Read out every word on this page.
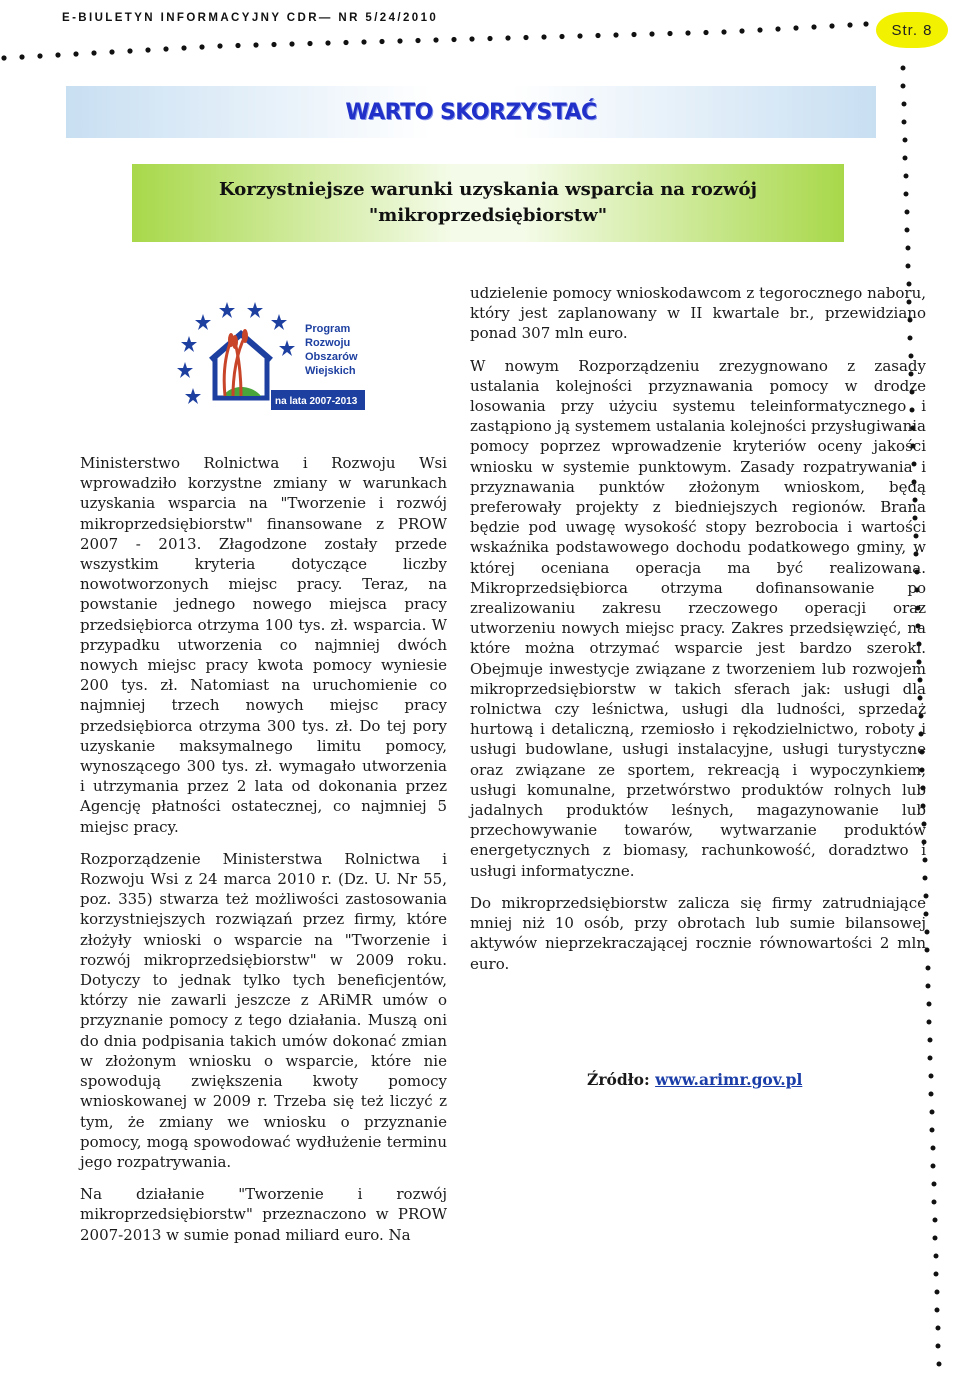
E-BIULETYN INFORMACYJNY CDR— NR 5/24/2010
Str. 8
WARTO SKORZYSTAĆ
Korzystniejsze warunki uzyskania wsparcia na rozwój
"mikroprzedsiębiorstw"
Program
Rozwoju
Obszarów
Wiejskich
na lata 2007-2013

Ministerstwo Rolnictwa i Rozwoju Wsi wprowadziło korzystne zmiany w warunkach uzyskania wsparcia na "Tworzenie i rozwój mikroprzedsiębiorstw" finansowane z PROW 2007 - 2013. Złagodzone zostały przede wszystkim kryteria dotyczące liczby nowotworzonych miejsc pracy. Teraz, na powstanie jednego nowego miejsca pracy przedsiębiorca otrzyma 100 tys. zł. wsparcia. W przypadku utworzenia co najmniej dwóch nowych miejsc pracy kwota pomocy wyniesie 200 tys. zł. Natomiast na uruchomienie co najmniej trzech nowych miejsc pracy przedsiębiorca otrzyma 300 tys. zł. Do tej pory uzyskanie maksymalnego limitu pomocy, wynoszącego 300 tys. zł. wymagało utworzenia i utrzymania przez 2 lata od dokonania przez Agencję płatności ostatecznej, co najmniej 5 miejsc pracy.

Rozporządzenie Ministerstwa Rolnictwa i Rozwoju Wsi z 24 marca 2010 r. (Dz. U. Nr 55, poz. 335) stwarza też możliwości zastosowania korzystniejszych rozwiązań przez firmy, które złożyły wnioski o wsparcie na "Tworzenie i rozwój mikroprzedsiębiorstw" w 2009 roku. Dotyczy to jednak tylko tych beneficjentów, którzy nie zawarli jeszcze z ARiMR umów o przyznanie pomocy z tego działania. Muszą oni do dnia podpisania takich umów dokonać zmian w złożonym wniosku o wsparcie, które nie spowodują zwiększenia kwoty pomocy wnioskowanej w 2009 r. Trzeba się też liczyć z tym, że zmiany we wniosku o przyznanie pomocy, mogą spowodować wydłużenie terminu jego rozpatrywania.

Na działanie "Tworzenie i rozwój mikroprzedsiębiorstw" przeznaczono w PROW 2007-2013 w sumie ponad miliard euro. Na

udzielenie pomocy wnioskodawcom z tegorocznego naboru, który jest zaplanowany w II kwartale br., przewidziano ponad 307 mln euro.

W nowym Rozporządzeniu zrezygnowano z zasady ustalania kolejności przyznawania pomocy w drodze losowania przy użyciu systemu teleinformatycznego i zastąpiono ją systemem ustalania kolejności przysługiwania pomocy poprzez wprowadzenie kryteriów oceny jakości wniosku w systemie punktowym. Zasady rozpatrywania i przyznawania punktów złożonym wnioskom, będą preferowały projekty z biedniejszych regionów. Brana będzie pod uwagę wysokość stopy bezrobocia i wartości wskaźnika podstawowego dochodu podatkowego gminy, w której oceniana operacja ma być realizowana. Mikroprzedsiębiorca otrzyma dofinansowanie po zrealizowaniu zakresu rzeczowego operacji oraz utworzeniu nowych miejsc pracy. Zakres przedsięwzięć, na które można otrzymać wsparcie jest bardzo szeroki. Obejmuje inwestycje związane z tworzeniem lub rozwojem mikroprzedsiębiorstw w takich sferach jak: usługi dla rolnictwa czy leśnictwa, usługi dla ludności, sprzedaż hurtową i detaliczną, rzemiosło i rękodzielnictwo, roboty i usługi budowlane, usługi instalacyjne, usługi turystyczne oraz związane ze sportem, rekreacją i wypoczynkiem, usługi komunalne, przetwórstwo produktów rolnych lub jadalnych produktów leśnych, magazynowanie lub przechowywanie towarów, wytwarzanie produktów energetycznych z biomasy, rachunkowość, doradztwo i usługi informatyczne.

Do mikroprzedsiębiorstw zalicza się firmy zatrudniające mniej niż 10 osób, przy obrotach lub sumie bilansowej aktywów nieprzekraczającej rocznie równowartości 2 mln euro.

Źródło: www.arimr.gov.pl
